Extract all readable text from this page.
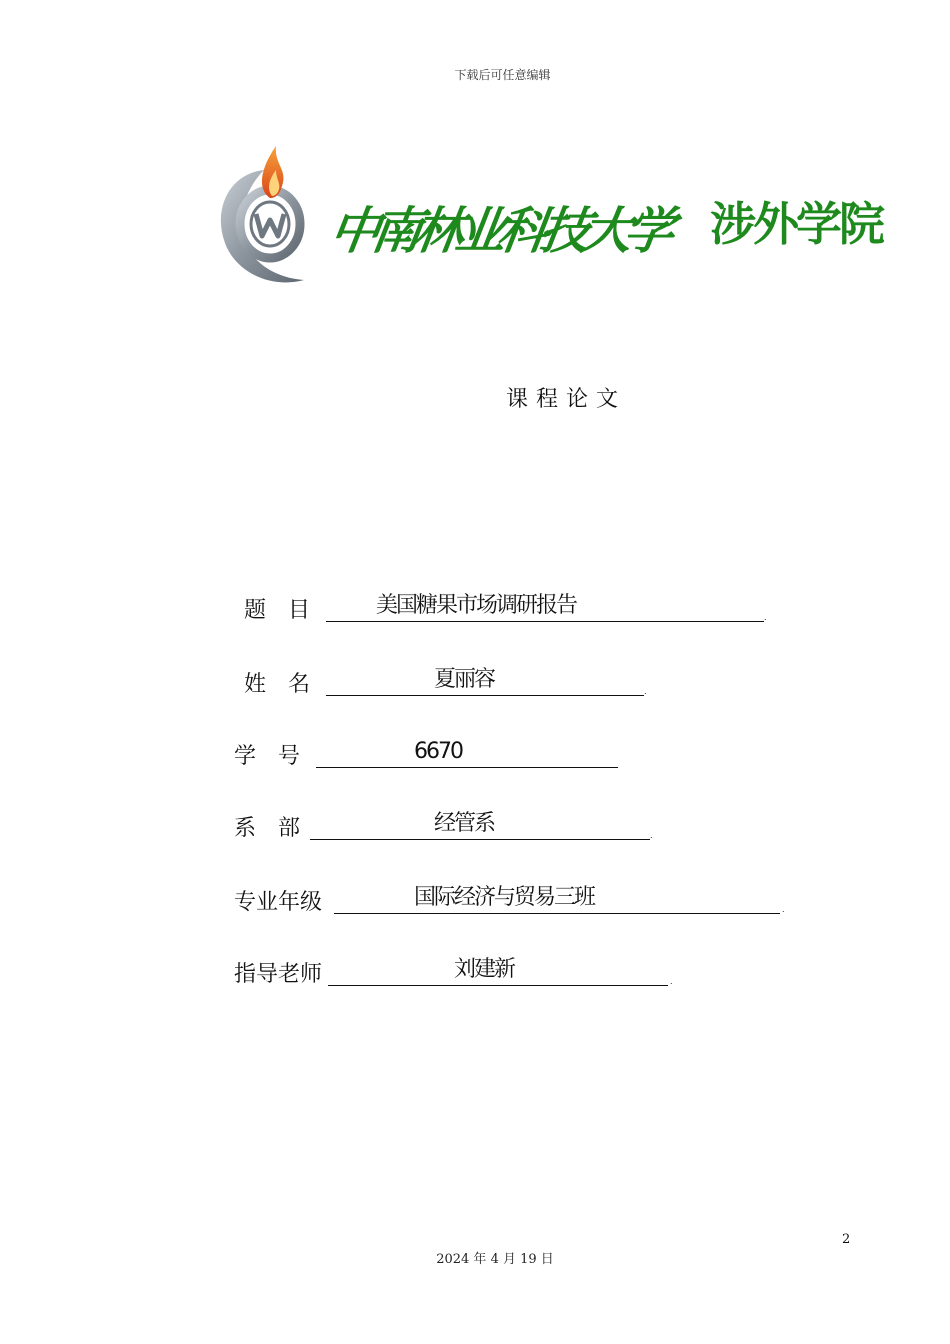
下载后可任意编辑
中南林业科技大学 涉外学院
课程论文
题　目	美国糖果市场调研报告	.
姓　名	夏丽容	.
学　号	6670
系　部	经管系	.
专业年级	国际经济与贸易三班	.
指导老师	刘建新	.
2
2024 年 4 月 19 日
